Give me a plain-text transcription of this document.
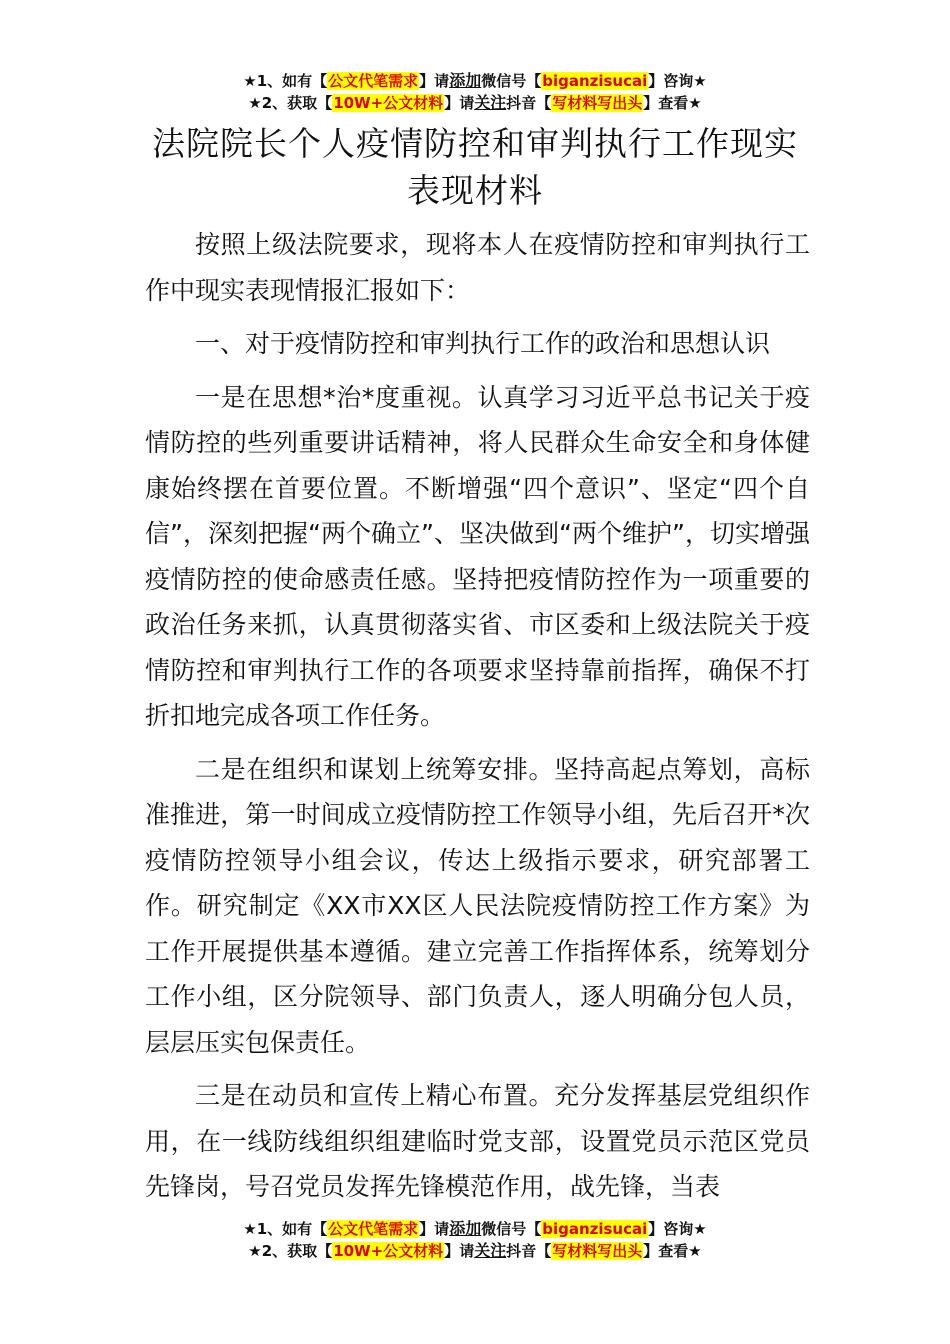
★1、如有【公文代笔需求】请添加微信号【biganzisucai】咨询★
★2、获取【10W+公文材料】请关注抖音【写材料写出头】查看★
法院院长个人疫情防控和审判执行工作现实
表现材料

按照上级法院要求，现将本人在疫情防控和审判执行工作中现实表现情报汇报如下：

一、对于疫情防控和审判执行工作的政治和思想认识

一是在思想*治*度重视。认真学习习近平总书记关于疫情防控的些列重要讲话精神，将人民群众生命安全和身体健康始终摆在首要位置。不断增强“四个意识”、坚定“四个自信”，深刻把握“两个确立”、坚决做到“两个维护”，切实增强疫情防控的使命感责任感。坚持把疫情防控作为一项重要的政治任务来抓，认真贯彻落实省、市区委和上级法院关于疫情防控和审判执行工作的各项要求坚持靠前指挥，确保不打折扣地完成各项工作任务。

二是在组织和谋划上统筹安排。坚持高起点筹划，高标准推进，第一时间成立疫情防控工作领导小组，先后召开*次疫情防控领导小组会议，传达上级指示要求，研究部署工作。研究制定《XX市XX区人民法院疫情防控工作方案》为工作开展提供基本遵循。建立完善工作指挥体系，统筹划分工作小组，区分院领导、部门负责人，逐人明确分包人员，层层压实包保责任。

三是在动员和宣传上精心布置。充分发挥基层党组织作用，在一线防线组织组建临时党支部，设置党员示范区党员先锋岗，号召党员发挥先锋模范作用，战先锋，当表

★1、如有【公文代笔需求】请添加微信号【biganzisucai】咨询★
★2、获取【10W+公文材料】请关注抖音【写材料写出头】查看★
